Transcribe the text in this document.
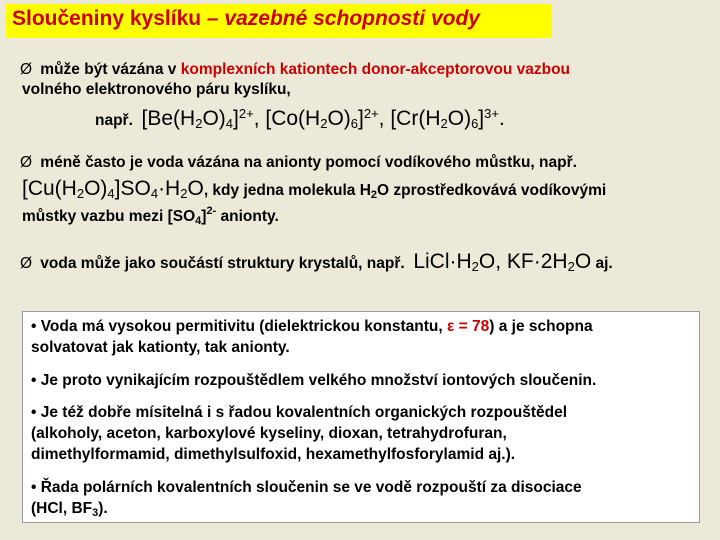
Sloučeniny kyslíku – vazebné schopnosti vody
Ø může být vázána v komplexních kationtech donor-akceptorovou vazbou
volného elektronového páru kyslíku,
např. $[Be(H_2O)_4]^{2+}$, $[Co(H_2O)_6]^{2+}$, $[Cr(H_2O)_6]^{3+}$.
Ø méně často je voda vázána na anionty pomocí vodíkového můstku, např.
$[Cu(H_2O)_4]SO_4\cdot H_2O$, kdy jedna molekula $H_2O$ zprostředkovává vodíkovými
můstky vazbu mezi $[SO_4]^{2-}$ anionty.
Ø voda může jako součástí struktury krystalů, např. $LiCl\cdot H_2O$, $KF\cdot 2H_2O$ aj.
• Voda má vysokou permitivitu (dielektrickou konstantu, ε = 78) a je schopna
solvatovat jak kationty, tak anionty.
• Je proto vynikajícím rozpouštědlem velkého množství iontových sloučenin.
• Je též dobře mísitelná i s řadou kovalentních organických rozpouštědel
(alkoholy, aceton, karboxylové kyseliny, dioxan, tetrahydrofuran,
dimethylformamid, dimethylsulfoxid, hexamethylfosforylamid aj.).
• Řada polárních kovalentních sloučenin se ve vodě rozpouští za disociace
(HCl, $BF_3$).
